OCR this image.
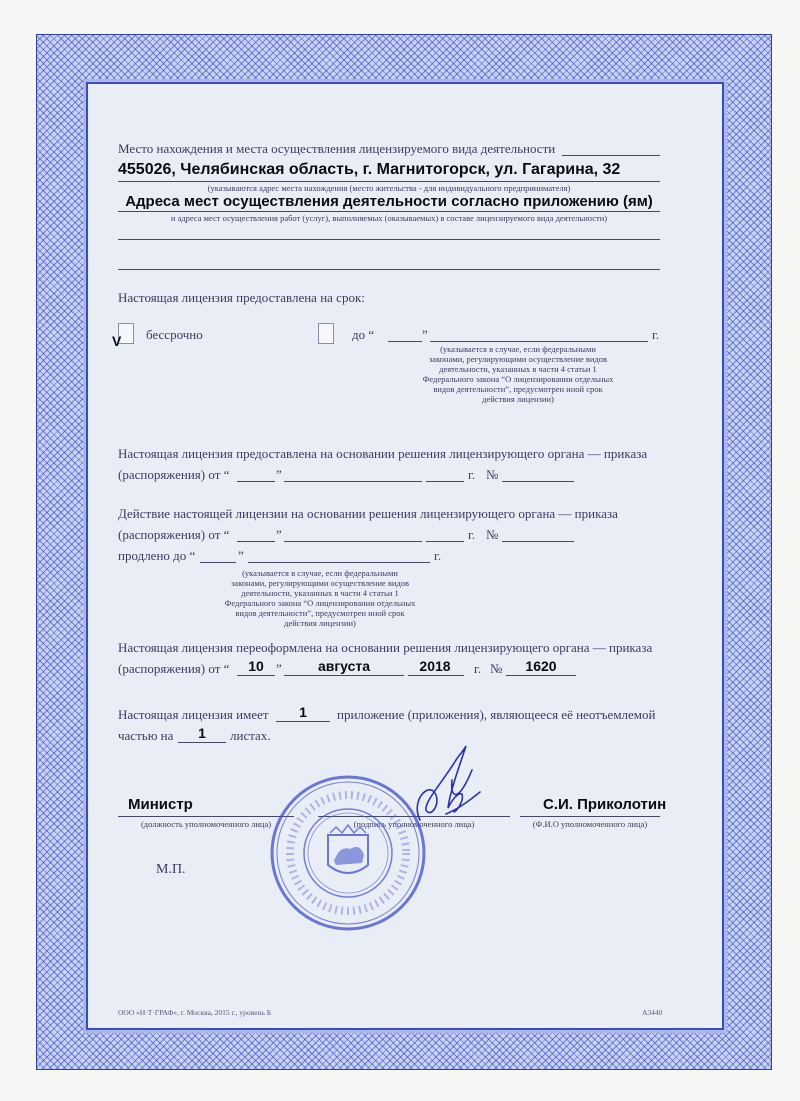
Место нахождения и места осуществления лицензируемого вида деятельности
455026, Челябинская область, г. Магнитогорск, ул. Гагарина, 32
(указываются адрес места нахождения (место жительства - для индивидуального предпринимателя)
Адреса мест осуществления деятельности согласно приложению (ям)
и адреса мест осуществления работ (услуг), выполняемых (оказываемых) в составе лицензируемого вида деятельности)
Настоящая лицензия предоставлена на срок:
V бессрочно	до “	”	г.
(указывается в случае, если федеральными
законами, регулирующими осуществление видов
деятельности, указанных в части 4 статьи 1
Федерального закона “О лицензировании отдельных
видов деятельности”, предусмотрен иной срок
действия лицензии)
Настоящая лицензия предоставлена на основании решения лицензирующего органа — приказа
(распоряжения) от “	”	г. №
Действие настоящей лицензии на основании решения лицензирующего органа — приказа
(распоряжения) от “	”	г. №
продлено до “	”	г.
(указывается в случае, если федеральными
законами, регулирующими осуществление видов
деятельности, указанных в части 4 статьи 1
Федерального закона “О лицензировании отдельных
видов деятельности”, предусмотрен иной срок
действия лицензии)
Настоящая лицензия переоформлена на основании решения лицензирующего органа — приказа
(распоряжения) от “	10 ”	августа	2018	г. №	1620
Настоящая лицензия имеет	1	приложение (приложения), являющееся её неотъемлемой
частью на	1	листах.
Министр
(должность уполномоченного лица)	(подпись уполномоченного лица)
С.И. Приколотин
(Ф.И.О уполномоченного лица)
М.П.
ООО «Н·Т·ГРАФ», г. Москва, 2015 г., уровень Б	А3440
